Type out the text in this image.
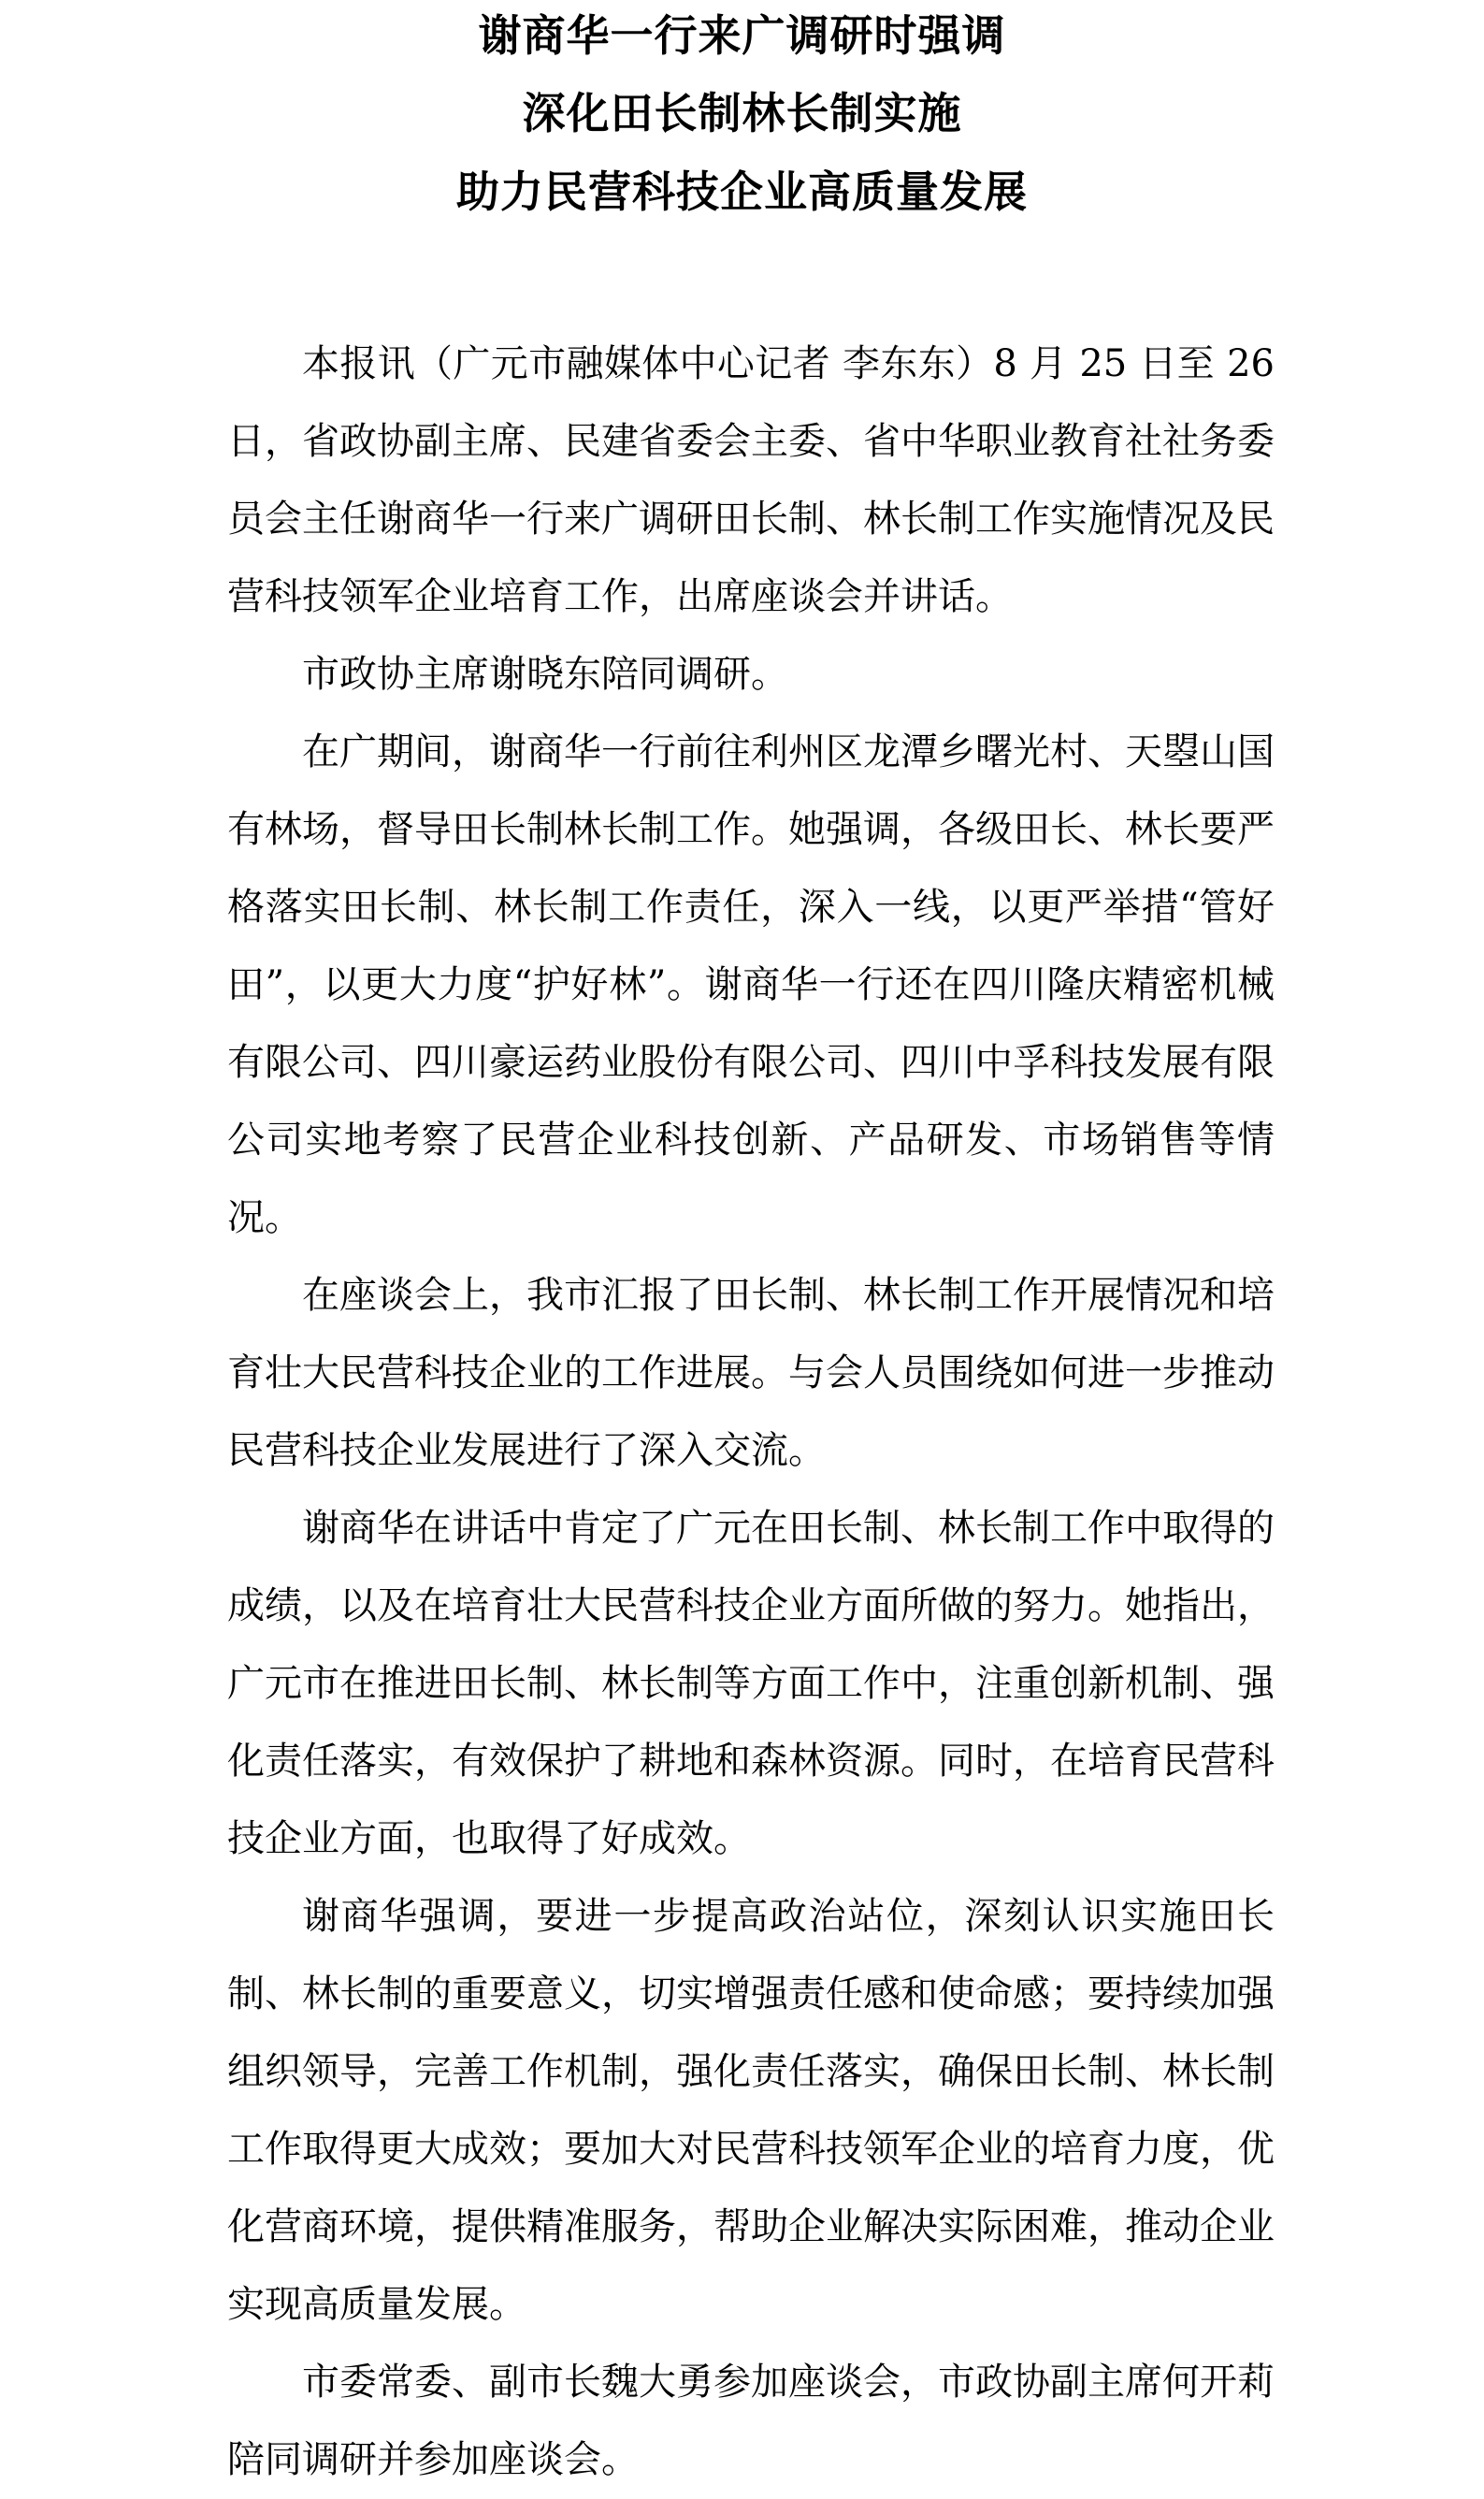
谢商华一行来广调研时强调

深化田长制林长制实施

助力民营科技企业高质量发展

本报讯（广元市融媒体中心记者 李东东）8 月 25 日至 26 日，省政协副主席、民建省委会主委、省中华职业教育社社务委员会主任谢商华一行来广调研田长制、林长制工作实施情况及民营科技领军企业培育工作，出席座谈会并讲话。

市政协主席谢晓东陪同调研。

在广期间，谢商华一行前往利州区龙潭乡曙光村、天曌山国有林场，督导田长制林长制工作。她强调，各级田长、林长要严格落实田长制、林长制工作责任，深入一线，以更严举措“管好田”，以更大力度“护好林”。谢商华一行还在四川隆庆精密机械有限公司、四川豪运药业股份有限公司、四川中孚科技发展有限公司实地考察了民营企业科技创新、产品研发、市场销售等情况。

在座谈会上，我市汇报了田长制、林长制工作开展情况和培育壮大民营科技企业的工作进展。与会人员围绕如何进一步推动民营科技企业发展进行了深入交流。

谢商华在讲话中肯定了广元在田长制、林长制工作中取得的成绩，以及在培育壮大民营科技企业方面所做的努力。她指出，广元市在推进田长制、林长制等方面工作中，注重创新机制、强化责任落实，有效保护了耕地和森林资源。同时，在培育民营科技企业方面，也取得了好成效。

谢商华强调，要进一步提高政治站位，深刻认识实施田长制、林长制的重要意义，切实增强责任感和使命感；要持续加强组织领导，完善工作机制，强化责任落实，确保田长制、林长制工作取得更大成效；要加大对民营科技领军企业的培育力度，优化营商环境，提供精准服务，帮助企业解决实际困难，推动企业实现高质量发展。

市委常委、副市长魏大勇参加座谈会，市政协副主席何开莉陪同调研并参加座谈会。
